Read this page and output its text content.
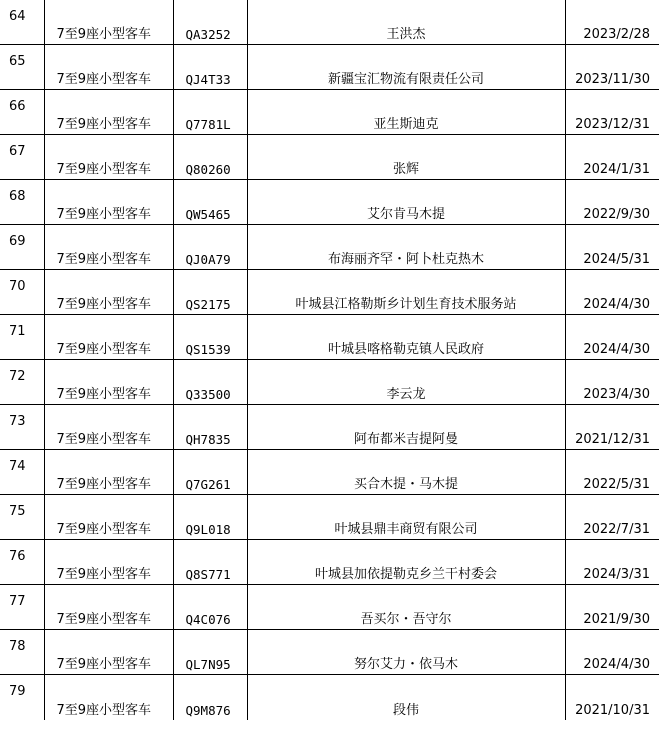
64	7至9座小型客车	QA3252	王洪杰	2023/2/28
65	7至9座小型客车	QJ4T33	新疆宝汇物流有限责任公司	2023/11/30
66	7至9座小型客车	Q7781L	亚生斯迪克	2023/12/31
67	7至9座小型客车	Q80260	张辉	2024/1/31
68	7至9座小型客车	QW5465	艾尔肯马木提	2022/9/30
69	7至9座小型客车	QJ0A79	布海丽齐罕・阿卜杜克热木	2024/5/31
70	7至9座小型客车	QS2175	叶城县江格勒斯乡计划生育技术服务站	2024/4/30
71	7至9座小型客车	QS1539	叶城县喀格勒克镇人民政府	2024/4/30
72	7至9座小型客车	Q33500	李云龙	2023/4/30
73	7至9座小型客车	QH7835	阿布都米吉提阿曼	2021/12/31
74	7至9座小型客车	Q7G261	买合木提・马木提	2022/5/31
75	7至9座小型客车	Q9L018	叶城县鼎丰商贸有限公司	2022/7/31
76	7至9座小型客车	Q8S771	叶城县加依提勒克乡兰干村委会	2024/3/31
77	7至9座小型客车	Q4C076	吾买尔・吾守尔	2021/9/30
78	7至9座小型客车	QL7N95	努尔艾力・依马木	2024/4/30
79	7至9座小型客车	Q9M876	段伟	2021/10/31
